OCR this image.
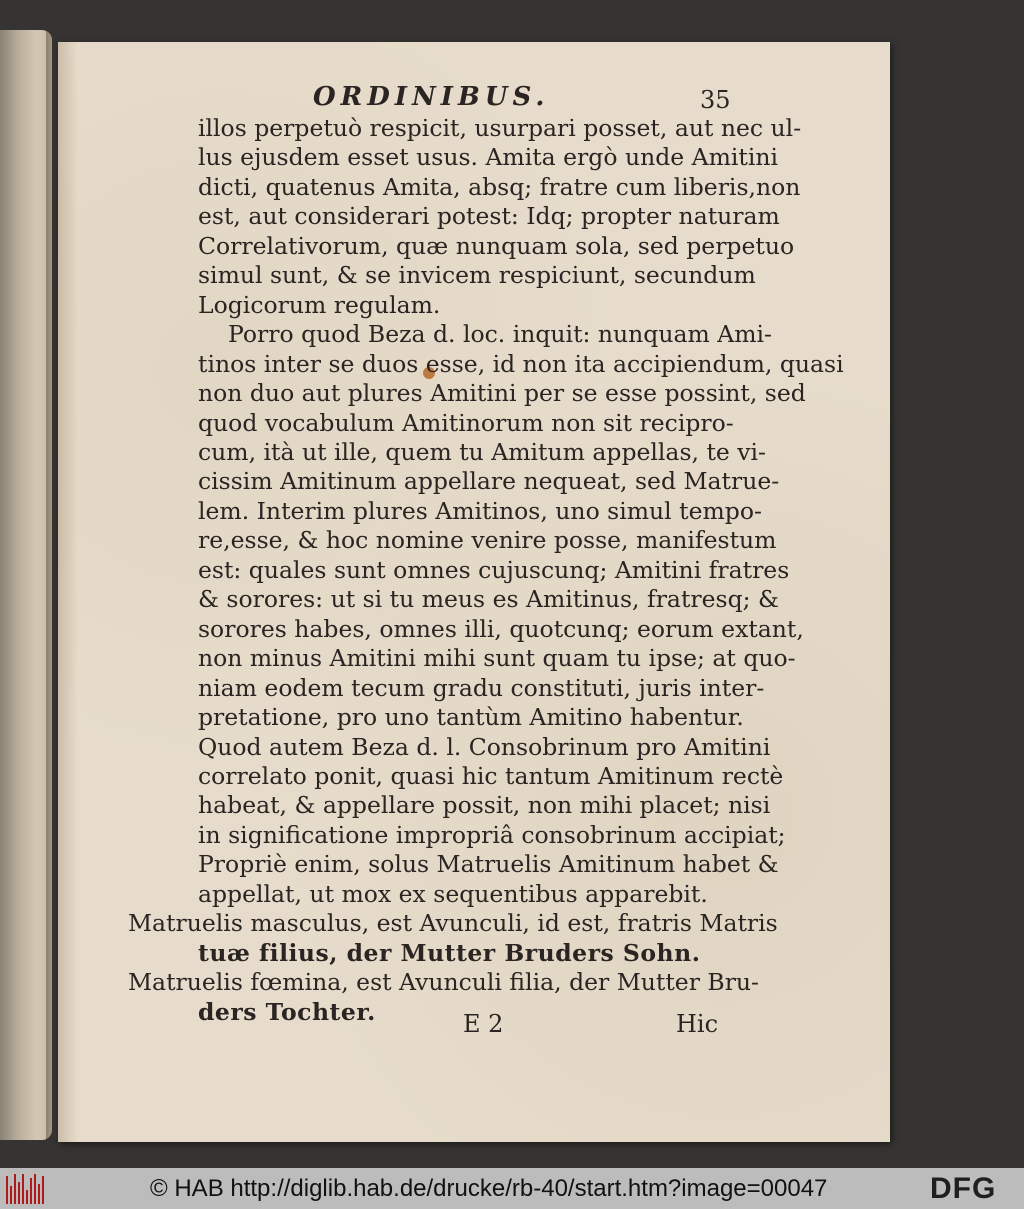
ORDINIBUS.	35
illos perpetuò respicit, usurpari posset, aut nec ul-
lus ejusdem esset usus. Amita ergò unde Amitini
dicti, quatenus Amita, absq; fratre cum liberis,non
est, aut considerari potest: Idq; propter naturam
Correlativorum, quæ nunquam sola, sed perpetuo
simul sunt, & se invicem respiciunt, secundum
Logicorum regulam.
Porro quod Beza d. loc. inquit: nunquam Ami-
tinos inter se duos esse, id non ita accipiendum, quasi
non duo aut plures Amitini per se esse possint, sed
quod vocabulum Amitinorum non sit recipro-
cum, ità ut ille, quem tu Amitum appellas, te vi-
cissim Amitinum appellare nequeat, sed Matrue-
lem. Interim plures Amitinos, uno simul tempo-
re,esse, & hoc nomine venire posse, manifestum
est: quales sunt omnes cujuscunq; Amitini fratres
& sorores: ut si tu meus es Amitinus, fratresq; &
sorores habes, omnes illi, quotcunq; eorum extant,
non minus Amitini mihi sunt quam tu ipse; at quo-
niam eodem tecum gradu constituti, juris inter-
pretatione, pro uno tantùm Amitino habentur.
Quod autem Beza d. l. Consobrinum pro Amitini
correlato ponit, quasi hic tantum Amitinum rectè
habeat, & appellare possit, non mihi placet; nisi
in significatione impropriâ consobrinum accipiat;
Propriè enim, solus Matruelis Amitinum habet &
appellat, ut mox ex sequentibus apparebit.
Matruelis masculus, est Avunculi, id est, fratris Matris
tuæ filius, der Mutter Bruders Sohn.
Matruelis fœmina, est Avunculi filia, der Mutter Bru-
ders Tochter.	E 2	Hic
© HAB http://diglib.hab.de/drucke/rb-40/start.htm?image=00047	DFG
